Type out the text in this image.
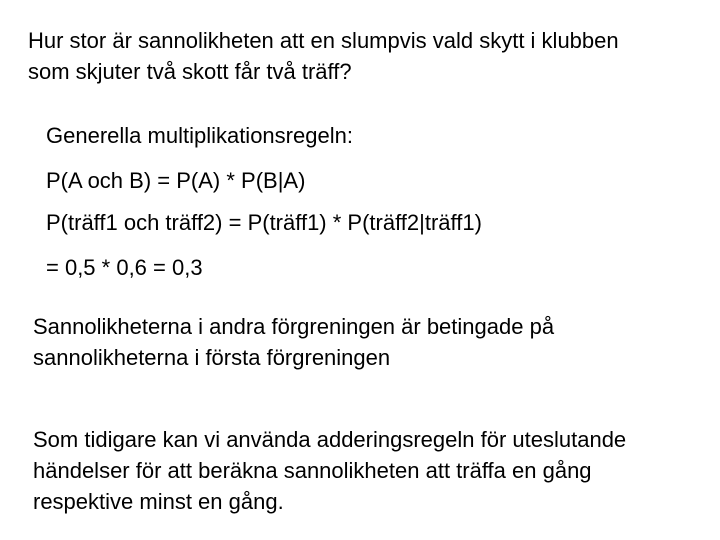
Hur stor är sannolikheten att en slumpvis vald skytt i klubben
som skjuter två skott får två träff?
Generella multiplikationsregeln:
P(A och B) = P(A) * P(B|A)
P(träff1 och träff2) = P(träff1) * P(träff2|träff1)
= 0,5 * 0,6 = 0,3
Sannolikheterna i andra förgreningen är betingade på
sannolikheterna i första förgreningen
Som tidigare kan vi använda adderingsregeln för uteslutande
händelser för att beräkna sannolikheten att träffa en gång
respektive minst en gång.
